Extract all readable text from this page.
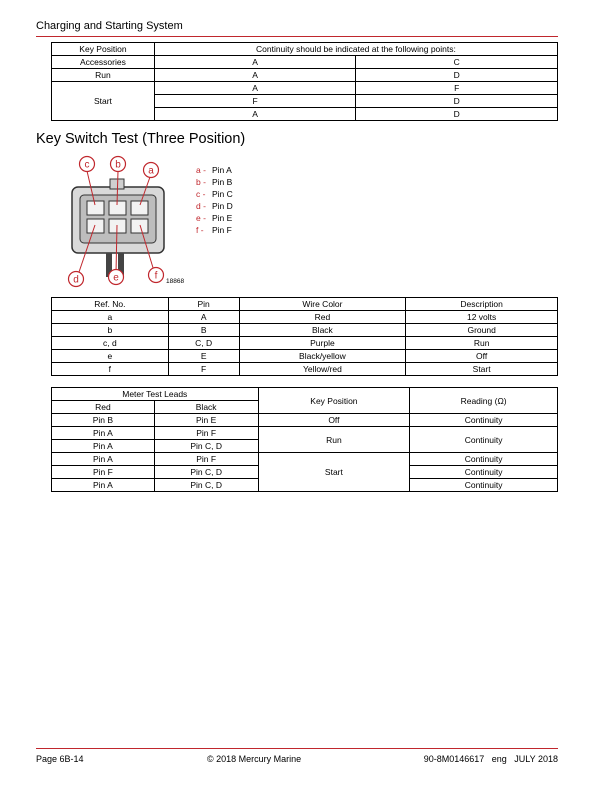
Charging and Starting System
Key Position	Continuity should be indicated at the following points:	
Accessories	A	C
Run	A	D
Start	A	F
	F	D
	A	D
Key Switch Test (Three Position)
c	b
a
d	e	f 18868
a - Pin A
b - Pin B
c - Pin C
d - Pin D
e - Pin E
f - Pin F
Ref. No.	Pin	Wire Color	Description
a	A	Red	12 volts
b	B	Black	Ground
c, d	C, D	Purple	Run
e	E	Black/yellow	Off
f	F	Yellow/red	Start
Meter Test Leads		Key Position	Reading (Ω)
Red	Black		
Pin B	Pin E	Off	Continuity
Pin A	Pin F	Run	Continuity
Pin A	Pin C, D		
Pin A	Pin F	Start	Continuity
Pin F	Pin C, D		Continuity
Pin A	Pin C, D		Continuity
Page 6B-14	© 2018 Mercury Marine	90-8M0146617   eng   JULY 2018
